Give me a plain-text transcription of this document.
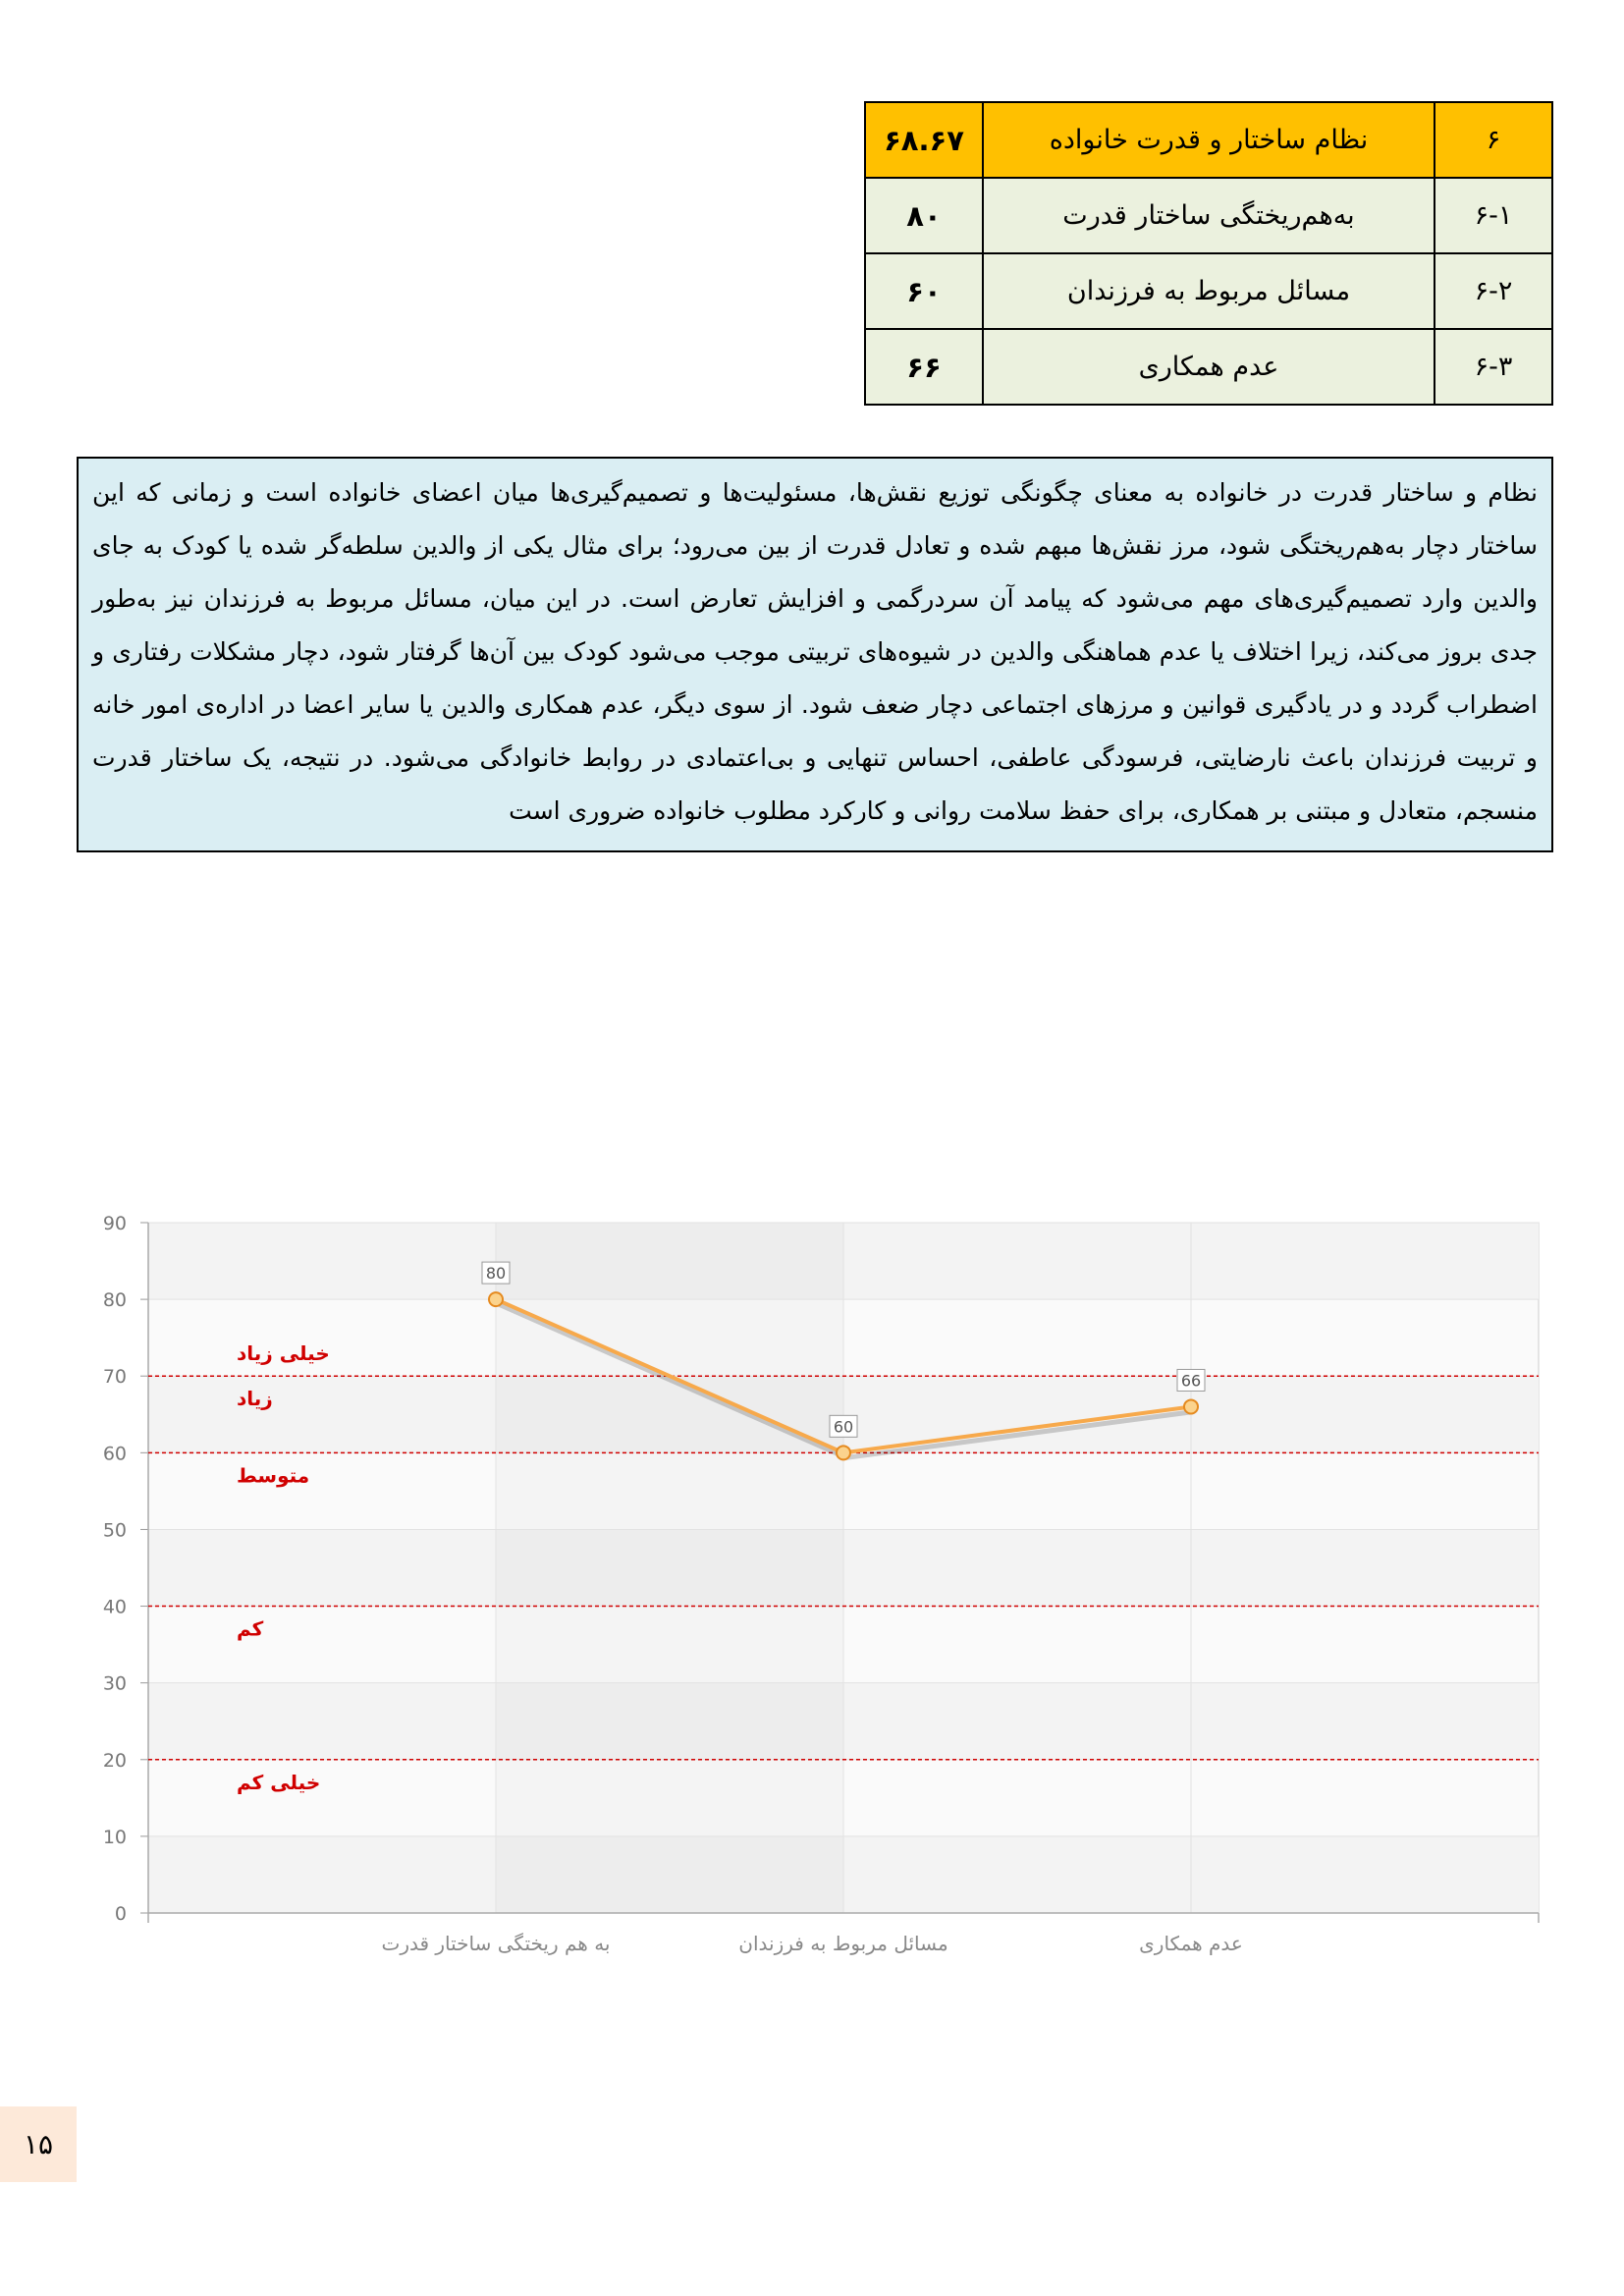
۶	نظام ساختار و قدرت خانواده	۶۸.۶۷
۶-۱	به‌هم‌ریختگی ساختار قدرت	۸۰
۶-۲	مسائل مربوط به فرزندان	۶۰
۶-۳	عدم همکاری	۶۶
نظام و ساختار قدرت در خانواده به معنای چگونگی توزیع نقش‌ها، مسئولیت‌ها و تصمیم‌گیری‌ها میان اعضای خانواده است و زمانی که این ساختار دچار به‌هم‌ریختگی شود، مرز نقش‌ها مبهم شده و تعادل قدرت از بین می‌رود؛ برای مثال یکی از والدین سلطه‌گر شده یا کودک به جای والدین وارد تصمیم‌گیری‌های مهم می‌شود که پیامد آن سردرگمی و افزایش تعارض است. در این میان، مسائل مربوط به فرزندان نیز به‌طور جدی بروز می‌کند، زیرا اختلاف یا عدم هماهنگی والدین در شیوه‌های تربیتی موجب می‌شود کودک بین آن‌ها گرفتار شود، دچار مشکلات رفتاری و اضطراب گردد و در یادگیری قوانین و مرزهای اجتماعی دچار ضعف شود. از سوی دیگر، عدم همکاری والدین یا سایر اعضا در اداره‌ی امور خانه و تربیت فرزندان باعث نارضایتی، فرسودگی عاطفی، احساس تنهایی و بی‌اعتمادی در روابط خانوادگی می‌شود. در نتیجه، یک ساختار قدرت منسجم، متعادل و مبتنی بر همکاری، برای حفظ سلامت روانی و کارکرد مطلوب خانواده ضروری است
0
10
20
30
40
50
60
70
80
90
خیلی زیاد
زیاد
متوسط
کم
خیلی کم
80
60
66
به هم ریختگی ساختار قدرت	مسائل مربوط به فرزندان	عدم همکاری
۱۵
